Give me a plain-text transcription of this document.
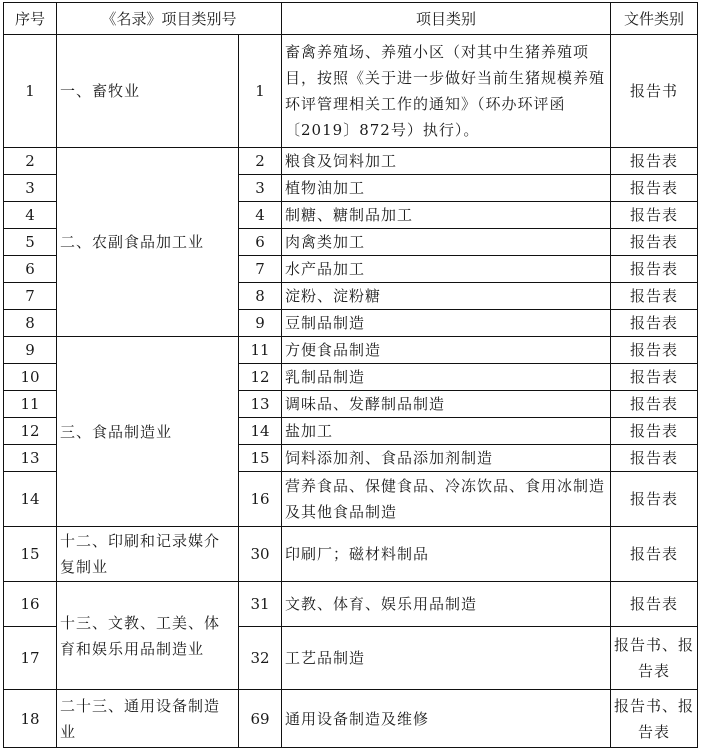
序号	《名录》项目类别号		项目类别	文件类别
1	一、畜牧业	1	畜禽养殖场、养殖小区（对其中生猪养殖项目，按照《关于进一步做好当前生猪规模养殖环评管理相关工作的通知》（环办环评函〔2019〕872号）执行）。	报告书
2	二、农副食品加工业	2	粮食及饲料加工	报告表
3		3	植物油加工	报告表
4		4	制糖、糖制品加工	报告表
5		6	肉禽类加工	报告表
6		7	水产品加工	报告表
7		8	淀粉、淀粉糖	报告表
8		9	豆制品制造	报告表
9	三、食品制造业	11	方便食品制造	报告表
10		12	乳制品制造	报告表
11		13	调味品、发酵制品制造	报告表
12		14	盐加工	报告表
13		15	饲料添加剂、食品添加剂制造	报告表
14		16	营养食品、保健食品、冷冻饮品、食用冰制造及其他食品制造	报告表
15	十二、印刷和记录媒介复制业	30	印刷厂；磁材料制品	报告表
16	十三、文教、工美、体育和娱乐用品制造业	31	文教、体育、娱乐用品制造	报告表
17		32	工艺品制造	报告书、报告表
18	二十三、通用设备制造业	69	通用设备制造及维修	报告书、报告表
